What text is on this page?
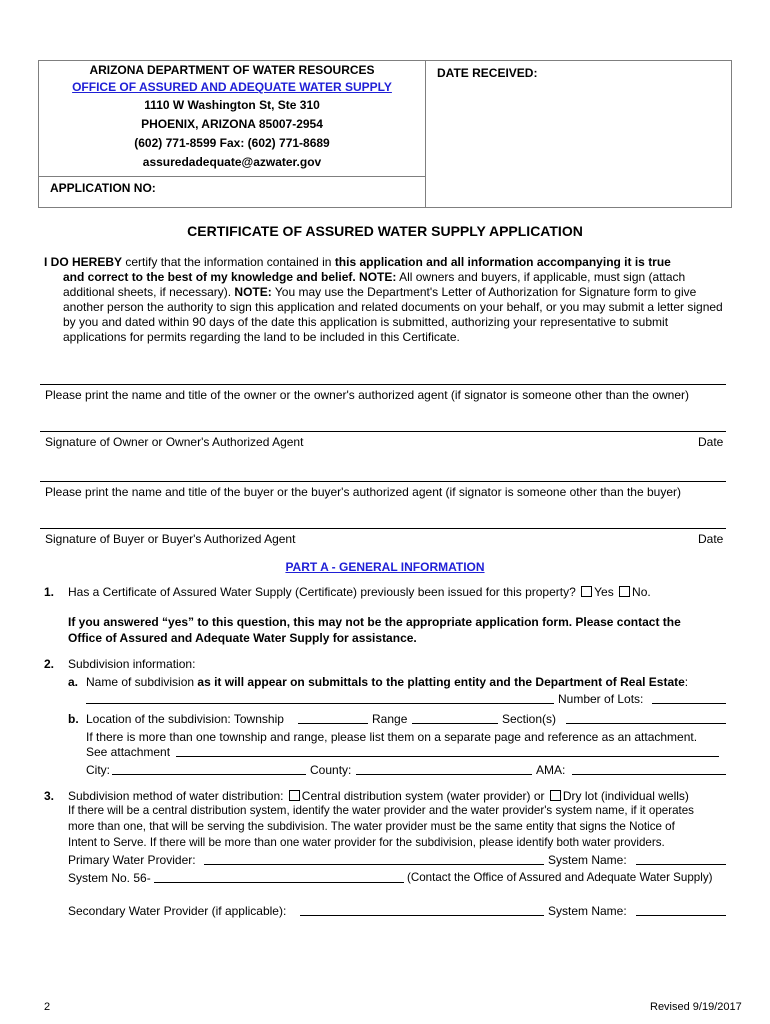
ARIZONA DEPARTMENT OF WATER RESOURCES
OFFICE OF ASSURED AND ADEQUATE WATER SUPPLY
1110 W Washington St, Ste 310
PHOENIX, ARIZONA 85007-2954
(602) 771-8599 Fax: (602) 771-8689
assuredadequate@azwater.gov
APPLICATION NO:
DATE RECEIVED:
CERTIFICATE OF ASSURED WATER SUPPLY APPLICATION
I DO HEREBY certify that the information contained in this application and all information accompanying it is true
and correct to the best of my knowledge and belief. NOTE: All owners and buyers, if applicable, must sign (attach additional sheets, if necessary). NOTE: You may use the Department's Letter of Authorization for Signature form to give another person the authority to sign this application and related documents on your behalf, or you may submit a letter signed by you and dated within 90 days of the date this application is submitted, authorizing your representative to submit applications for permits regarding the land to be included in this Certificate.
Please print the name and title of the owner or the owner's authorized agent (if signator is someone other than the owner)
Signature of Owner or Owner's Authorized Agent	Date
Please print the name and title of the buyer or the buyer's authorized agent (if signator is someone other than the buyer)
Signature of Buyer or Buyer's Authorized Agent	Date
PART A - GENERAL INFORMATION
1. Has a Certificate of Assured Water Supply (Certificate) previously been issued for this property? Yes No.
If you answered “yes” to this question, this may not be the appropriate application form. Please contact the
Office of Assured and Adequate Water Supply for assistance.
2. Subdivision information:
a. Name of subdivision as it will appear on submittals to the platting entity and the Department of Real Estate:
Number of Lots:
b. Location of the subdivision: Township	Range	Section(s)
If there is more than one township and range, please list them on a separate page and reference as an attachment.
See attachment
City:	County:	AMA:
3. Subdivision method of water distribution: Central distribution system (water provider) or Dry lot (individual wells)
If there will be a central distribution system, identify the water provider and the water provider's system name, if it operates
more than one, that will be serving the subdivision. The water provider must be the same entity that signs the Notice of
Intent to Serve. If there will be more than one water provider for the subdivision, please identify both water providers.
Primary Water Provider:	System Name:
System No. 56-	(Contact the Office of Assured and Adequate Water Supply)
Secondary Water Provider (if applicable):	System Name:
2	Revised 9/19/2017
